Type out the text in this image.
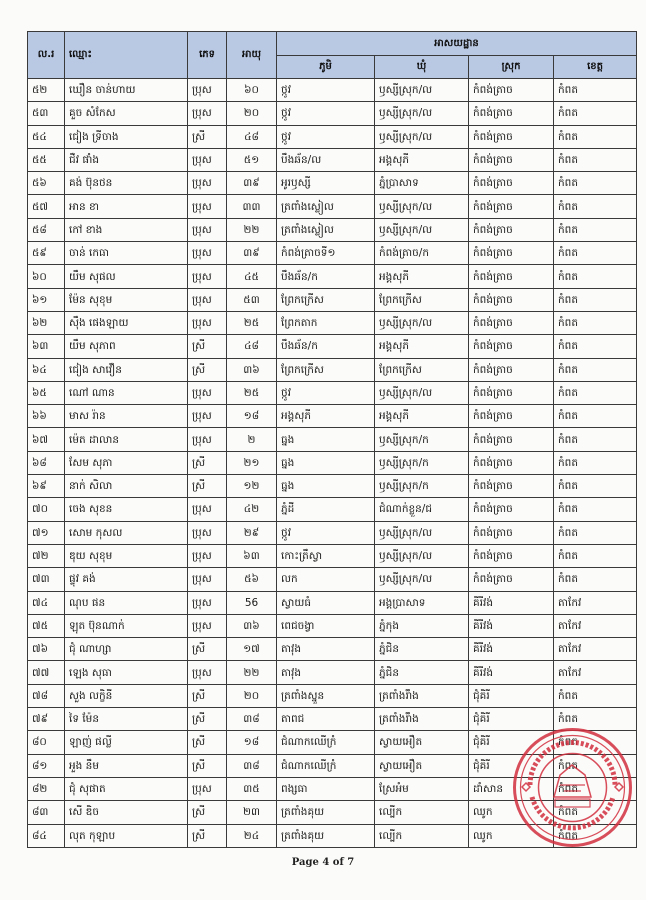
ល.រ	ឈ្មោះ	ភេទ	អាយុ	អាសយដ្ឋាន			
				ភូមិ	ឃុំ	ស្រុក	ខេត្ត
៥២	ឃឿន ចាន់ហាយ	ប្រុស	៦០	ថ្កូវ	ឫស្សីស្រុក/ល	កំពង់ត្រាច	កំពត
៥៣	គួច សំកែស	ប្រុស	២០	ថ្កូវ	ឫស្សីស្រុក/ល	កំពង់ត្រាច	កំពត
៥៤	ជៀង ទ្រីចាង	ស្រី	៤៨	ថ្កូវ	ឫស្សីស្រុក/ល	កំពង់ត្រាច	កំពត
៥៥	ជឺវ ផាំង	ប្រុស	៥១	បឹងឆ័ន/ល	អង្គសុភី	កំពង់ត្រាច	កំពត
៥៦	គង់ ប៊ុនថន	ប្រុស	៣៩	អូរឫស្សី	ភ្នំប្រាសាទ	កំពង់ត្រាច	កំពត
៥៧	អាន ខា	ប្រុស	៣៣	ត្រពាំងស្លៀល	ឫស្សីស្រុក/ល	កំពង់ត្រាច	កំពត
៥៨	កៅ ខាង	ប្រុស	២២	ត្រពាំងស្លៀល	ឫស្សីស្រុក/ល	កំពង់ត្រាច	កំពត
៥៩	ចាន់ កេធា	ប្រុស	៣៩	កំពង់ត្រាចទី១	កំពង់ត្រាច/ក	កំពង់ត្រាច	កំពត
៦០	យឹម សុផល	ប្រុស	៤៥	បឹងឆ័ន/ក	អង្គសុភី	កំពង់ត្រាច	កំពត
៦១	ម៉ែន សុខុម	ប្រុស	៥៣	ព្រែកក្រើស	ព្រែកក្រើស	កំពង់ត្រាច	កំពត
៦២	ស៊ឹង ផេងឡាយ	ប្រុស	២៥	ព្រែកតាក	ឫស្សីស្រុក/ល	កំពង់ត្រាច	កំពត
៦៣	យឹម សុភាព	ស្រី	៤៨	បឹងឆ័ន/ក	អង្គសុភី	កំពង់ត្រាច	កំពត
៦៤	ជៀង សាវឿន	ស្រី	៣៦	ព្រែកក្រើស	ព្រែកក្រើស	កំពង់ត្រាច	កំពត
៦៥	ណៅ ណាន	ប្រុស	២៥	ថ្កូវ	ឫស្សីស្រុក/ល	កំពង់ត្រាច	កំពត
៦៦	មាស រ៉ាន	ប្រុស	១៨	អង្គសុភី	អង្គសុភី	កំពង់ត្រាច	កំពត
៦៧	ម៉េត ដាលាន	ប្រុស	២	ធ្នង	ឫស្សីស្រុក/ក	កំពង់ត្រាច	កំពត
៦៨	សែម សុភា	ស្រី	២១	ធ្នង	ឫស្សីស្រុក/ក	កំពង់ត្រាច	កំពត
៦៩	នាក់ សិលា	ស្រី	១២	ធ្នង	ឫស្សីស្រុក/ក	កំពង់ត្រាច	កំពត
៧០	ចេង សុខន	ប្រុស	៤២	ភ្នំដី	ជំណាក់ខ្លួន/ជ	កំពង់ត្រាច	កំពត
៧១	សោម កុសល	ប្រុស	២៩	ថ្កូវ	ឫស្សីស្រុក/ល	កំពង់ត្រាច	កំពត
៧២	ឌុយ សុខុម	ប្រុស	៦៣	កោះត្រឹស្វា	ឫស្សីស្រុក/ល	កំពង់ត្រាច	កំពត
៧៣	ផ្ទុវ គង់	ប្រុស	៥៦	លក	ឫស្សីស្រុក/ល	កំពង់ត្រាច	កំពត
៧៤	ណុប ផន	ប្រុស	56	ស្វាយធំ	អង្គប្រាសាទ	គីរីវង់	តាកែវ
៧៥	ឡុត ប៊ុនណាក់	ប្រុស	៣៦	ពេជចង្វា	ភ្នំកុង	គីរីវង់	តាកែវ
៧៦	ជុំ ណាហ្សា	ស្រី	១៧	តាវុង	ភ្នំជិន	គីរីវង់	តាកែវ
៧៧	ឡេង សុធា	ប្រុស	២២	តាវុង	ភ្នំជិន	គីរីវង់	តាកែវ
៧៨	សួង លក្ខិនី	ស្រី	២០	ត្រពាំងស្នួន	ត្រពាំងរំាំង	ជុំគិរី	កំពត
៧៩	ទៃ ម៉ែន	ស្រី	៣៨	តាពជ	ត្រពាំងរំាំង	ជុំគិរី	កំពត
៨០	ឡាញ់ ផល្លី	ស្រី	១៨	ជំណាកឈើក្រំ	ស្វាយអឿត	ជុំគិរី	កំពត
៨១	អួង នឹម	ស្រី	៣៨	ជំណាកឈើក្រំ	ស្វាយអឿត	ជុំគិរី	កំពត
៨២	ជុំ សុផាត	ប្រុស	៣៥	ពង្សធា	ស្រែអំម	ដាំសាន	កំពត
៨៣	សើ ឌិច	ស្រី	២៣	ត្រពាំងគុយ	ល្បើក	ឈូក	កំពត
៨៤	លុត កុឡាប	ស្រី	២៤	ត្រពាំងគុយ	ល្បើក	ឈូក	កំពត
Page 4 of 7
